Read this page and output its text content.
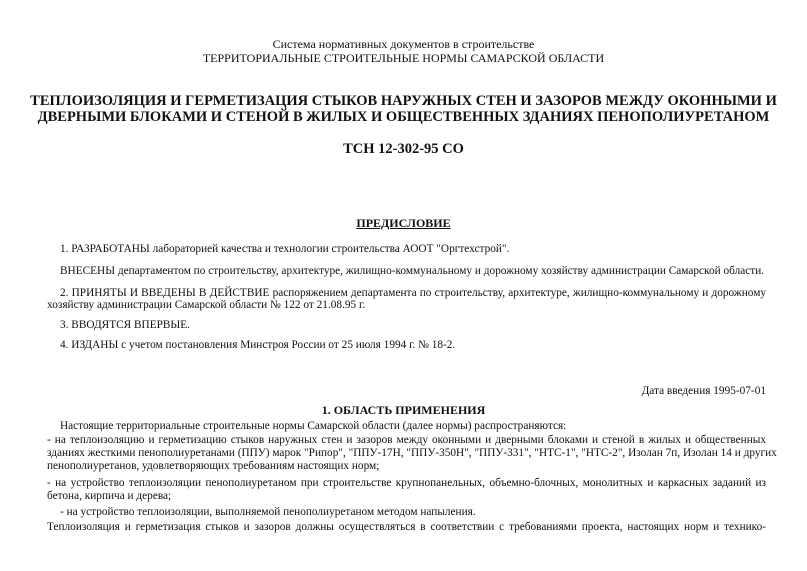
Система нормативных документов в строительстве
ТЕРРИТОРИАЛЬНЫЕ СТРОИТЕЛЬНЫЕ НОРМЫ САМАРСКОЙ ОБЛАСТИ
ТЕПЛОИЗОЛЯЦИЯ И ГЕРМЕТИЗАЦИЯ СТЫКОВ НАРУЖНЫХ СТЕН И ЗАЗОРОВ МЕЖДУ ОКОННЫМИ И
ДВЕРНЫМИ БЛОКАМИ И СТЕНОЙ В ЖИЛЫХ И ОБЩЕСТВЕННЫХ ЗДАНИЯХ ПЕНОПОЛИУРЕТАНОМ
ТСН 12-302-95 СО
ПРЕДИСЛОВИЕ
1. РАЗРАБОТАНЫ лабораторией качества и технологии строительства АООТ "Оргтехстрой".
ВНЕСЕНЫ департаментом по строительству, архитектуре, жилищно-коммунальному и дорожному хозяйству администрации Самарской области.
2. ПРИНЯТЫ И ВВЕДЕНЫ В ДЕЙСТВИЕ распоряжением департамента по строительству, архитектуре, жилищно-коммунальному и дорожному
хозяйству администрации Самарской области № 122 от 21.08.95 г.
3. ВВОДЯТСЯ ВПЕРВЫЕ.
4. ИЗДАНЫ с учетом постановления Минстроя России от 25 июля 1994 г. № 18-2.
Дата введения 1995-07-01
1. ОБЛАСТЬ ПРИМЕНЕНИЯ
Настоящие территориальные строительные нормы Самарской области (далее нормы) распространяются:
- на теплоизоляцию и герметизацию стыков наружных стен и зазоров между оконными и дверными блоками и стеной в жилых и общественных
зданиях жесткими пенополиуретанами (ППУ) марок "Рипор", "ППУ-17Н, "ППУ-350Н", "ППУ-331", "НТС-1", "НТС-2", Изолан 7п, Изолан 14 и других
пенополиуретанов, удовлетворяющих требованиям настоящих норм;
- на устройство теплоизоляции пенополиуретаном при строительстве крупнопанельных, объемно-блочных, монолитных и каркасных заданий из
бетона, кирпича и дерева;
- на устройство теплоизоляции, выполняемой пенополиуретаном методом напыления.
Теплоизоляция и герметизация стыков и зазоров должны осуществляться в соответствии с требованиями проекта, настоящих норм и технико-
